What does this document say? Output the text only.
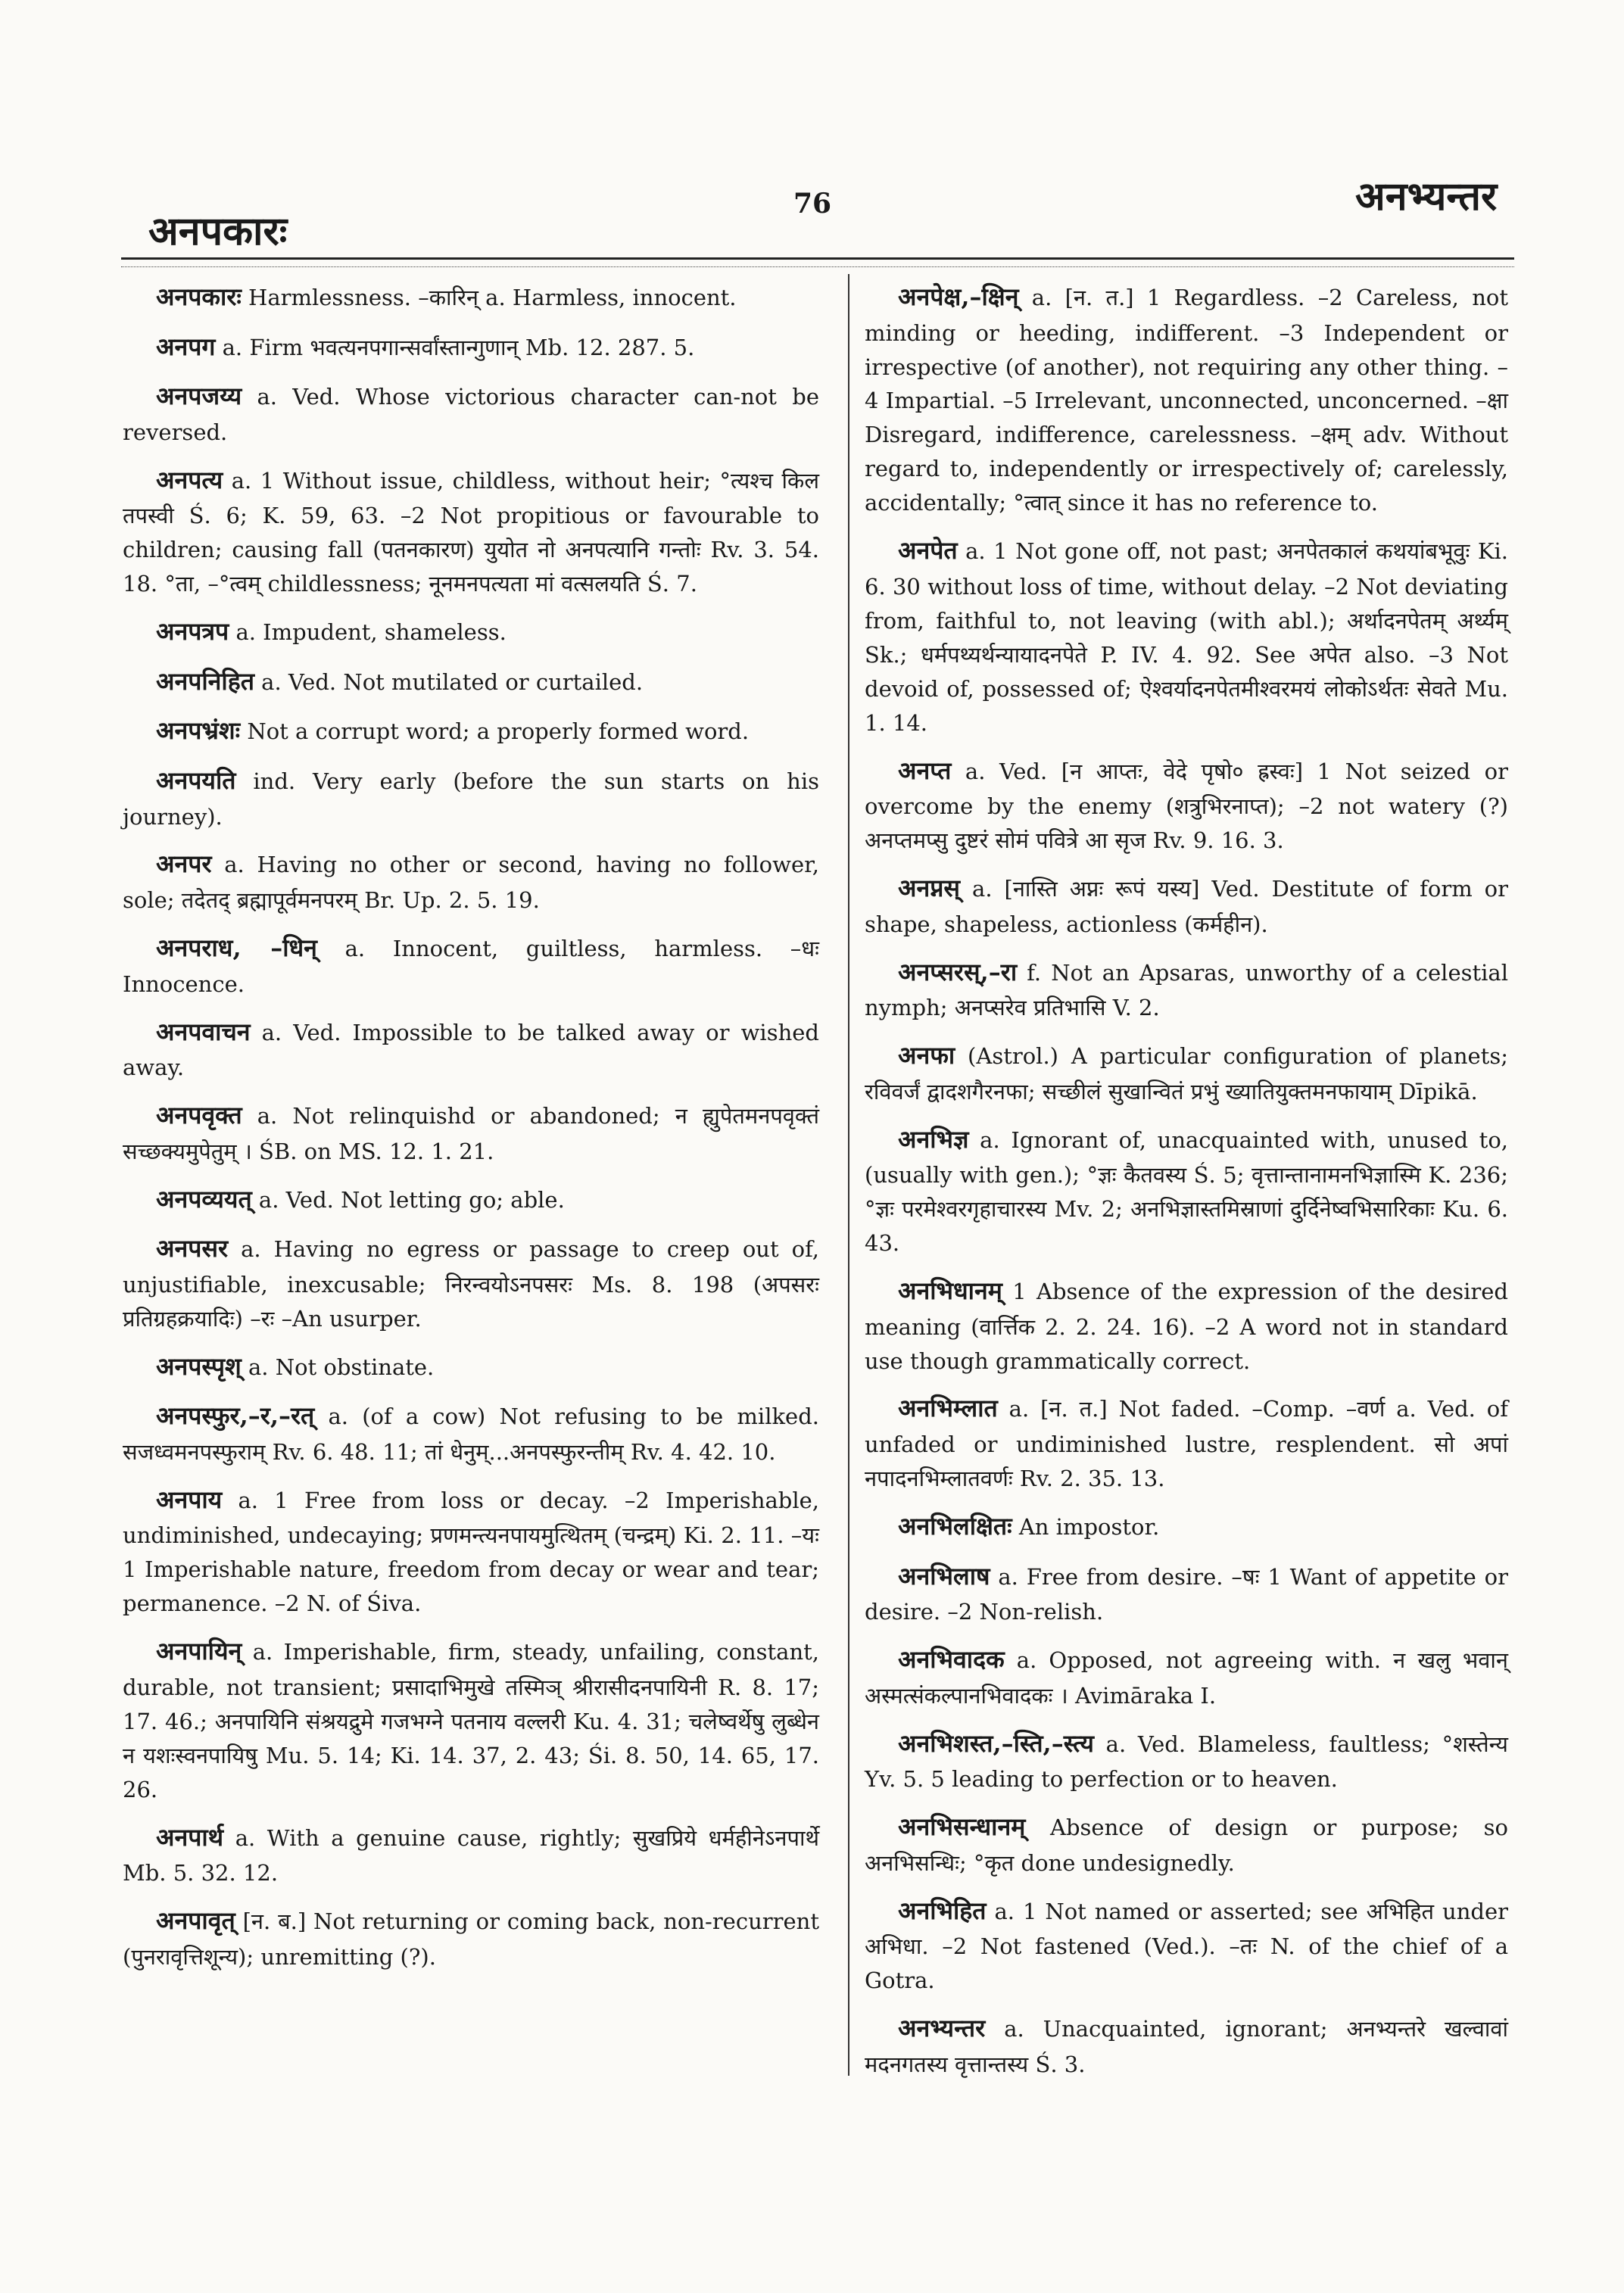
अनपकारः
76	अनभ्यन्तर

अनपकारः Harmlessness. –कारिन् a. Harmless, innocent.

अनपग a. Firm भवत्यनपगान्सर्वांस्तान्गुणान् Mb. 12. 287. 5.

अनपजय्य a. Ved. Whose victorious character can-not be reversed.

अनपत्य a. 1 Without issue, childless, without heir; °त्यश्च किल तपस्वी Ś. 6; K. 59, 63. –2 Not propitious or favourable to children; causing fall (पतनकारण) युयोत नो अनपत्यानि गन्तोः Rv. 3. 54. 18. °ता, –°त्वम् childlessness; नूनमनपत्यता मां वत्सलयति Ś. 7.

अनपत्रप a. Impudent, shameless.

अनपनिहित a. Ved. Not mutilated or curtailed.

अनपभ्रंशः Not a corrupt word; a properly formed word.

अनपयति ind. Very early (before the sun starts on his journey).

अनपर a. Having no other or second, having no follower, sole; तदेतद् ब्रह्मापूर्वमनपरम् Br. Up. 2. 5. 19.

अनपराध, –धिन् a. Innocent, guiltless, harmless. –धः Innocence.

अनपवाचन a. Ved. Impossible to be talked away or wished away.

अनपवृक्त a. Not relinquishd or abandoned; न ह्युपेतमनपवृक्तं सच्छक्यमुपेतुम् । ŚB. on MS. 12. 1. 21.

अनपव्ययत् a. Ved. Not letting go; able.

अनपसर a. Having no egress or passage to creep out of, unjustifiable, inexcusable; निरन्वयोऽनपसरः Ms. 8. 198 (अपसरः प्रतिग्रहक्रयादिः) –रः –An usurper.

अनपस्पृश् a. Not obstinate.

अनपस्फुर,–र,–रत् a. (of a cow) Not refusing to be milked. सजध्वमनपस्फुराम् Rv. 6. 48. 11; तां धेनुम्...अनपस्फुरन्तीम् Rv. 4. 42. 10.

अनपाय a. 1 Free from loss or decay. –2 Imperishable, undiminished, undecaying; प्रणमन्त्यनपायमुत्थितम् (चन्द्रम्) Ki. 2. 11. –यः 1 Imperishable nature, freedom from decay or wear and tear; permanence. –2 N. of Śiva.

अनपायिन् a. Imperishable, firm, steady, unfailing, constant, durable, not transient; प्रसादाभिमुखे तस्मिञ् श्रीरासीदनपायिनी R. 8. 17; 17. 46.; अनपायिनि संश्रयद्रुमे गजभग्ने पतनाय वल्लरी Ku. 4. 31; चलेष्वर्थेषु लुब्धेन न यशःस्वनपायिषु Mu. 5. 14; Ki. 14. 37, 2. 43; Śi. 8. 50, 14. 65, 17. 26.

अनपार्थ a. With a genuine cause, rightly; सुखप्रिये धर्महीनेऽनपार्थे Mb. 5. 32. 12.

अनपावृत् [न. ब.] Not returning or coming back, non-recurrent (पुनरावृत्तिशून्य); unremitting (?).

अनपेक्ष,–क्षिन् a. [न. त.] 1 Regardless. –2 Careless, not minding or heeding, indifferent. –3 Independent or irrespective (of another), not requiring any other thing. –4 Impartial. –5 Irrelevant, unconnected, unconcerned. –क्षा Disregard, indifference, carelessness. –क्षम् adv. Without regard to, independently or irrespectively of; carelessly, accidentally; °त्वात् since it has no reference to.

अनपेत a. 1 Not gone off, not past; अनपेतकालं कथयांबभूवुः Ki. 6. 30 without loss of time, without delay. –2 Not deviating from, faithful to, not leaving (with abl.); अर्थादनपेतम् अर्थ्यम् Sk.; धर्मपथ्यर्थन्यायादनपेते P. IV. 4. 92. See अपेत also. –3 Not devoid of, possessed of; ऐश्वर्यादनपेतमीश्वरमयं लोकोऽर्थतः सेवते Mu. 1. 14.

अनप्त a. Ved. [न आप्तः, वेदे पृषो० ह्रस्वः] 1 Not seized or overcome by the enemy (शत्रुभिरनाप्त); –2 not watery (?) अनप्तमप्सु दुष्टरं सोमं पवित्रे आ सृज Rv. 9. 16. 3.

अनप्नस् a. [नास्ति अप्नः रूपं यस्य] Ved. Destitute of form or shape, shapeless, actionless (कर्महीन).

अनप्सरस्,–रा f. Not an Apsaras, unworthy of a celestial nymph; अनप्सरेव प्रतिभासि V. 2.

अनफा (Astrol.) A particular configuration of planets; रविवर्जं द्वादशगैरनफा; सच्छीलं सुखान्वितं प्रभुं ख्यातियुक्तमनफायाम् Dīpikā.

अनभिज्ञ a. Ignorant of, unacquainted with, unused to, (usually with gen.); °ज्ञः कैतवस्य Ś. 5; वृत्तान्तानामनभिज्ञास्मि K. 236; °ज्ञः परमेश्वरगृहाचारस्य Mv. 2; अनभिज्ञास्तमिस्राणां दुर्दिनेष्वभिसारिकाः Ku. 6. 43.

अनभिधानम् 1 Absence of the expression of the desired meaning (वार्त्तिक 2. 2. 24. 16). –2 A word not in standard use though grammatically correct.

अनभिम्लात a. [न. त.] Not faded. –Comp. –वर्ण a. Ved. of unfaded or undiminished lustre, resplendent. सो अपां नपादनभिम्लातवर्णः Rv. 2. 35. 13.

अनभिलक्षितः An impostor.

अनभिलाष a. Free from desire. –षः 1 Want of appetite or desire. –2 Non-relish.

अनभिवादक a. Opposed, not agreeing with. न खलु भवान् अस्मत्संकल्पानभिवादकः । Avimāraka I.

अनभिशस्त,–स्ति,–स्त्य a. Ved. Blameless, faultless; °शस्तेन्य Yv. 5. 5 leading to perfection or to heaven.

अनभिसन्धानम् Absence of design or purpose; so अनभिसन्धिः; °कृत done undesignedly.

अनभिहित a. 1 Not named or asserted; see अभिहित under अभिधा. –2 Not fastened (Ved.). –तः N. of the chief of a Gotra.

अनभ्यन्तर a. Unacquainted, ignorant; अनभ्यन्तरे खल्वावां मदनगतस्य वृत्तान्तस्य Ś. 3.
